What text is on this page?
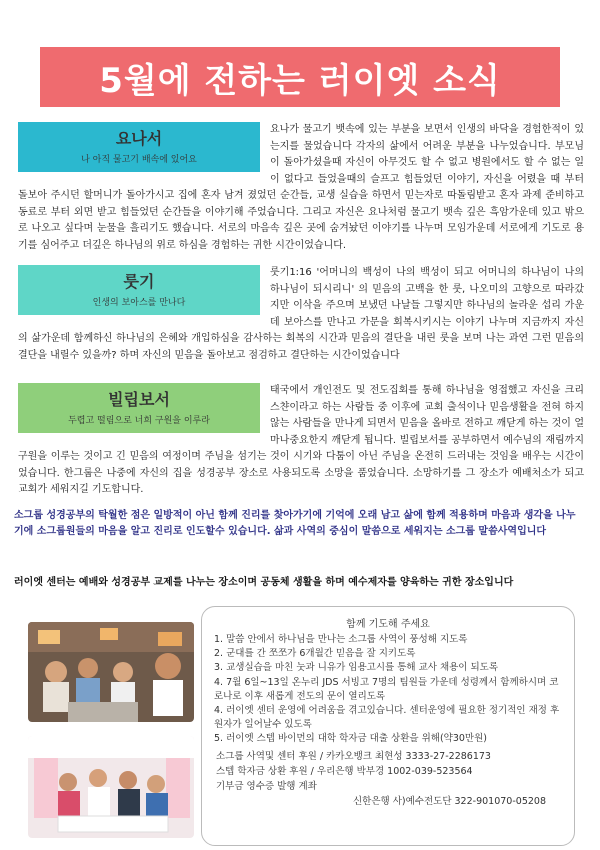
5월에 전하는 러이엣 소식
요나서
나 아직 물고기 배속에 있어요
요나가 물고기 뱃속에 있는 부분을 보면서 인생의 바닥을 경험한적이 있는지를 물었습니다 각자의 삶에서 어려운 부분을 나누었습니다. 부모님이 돌아가셨을때 자신이 아무것도 할 수 없고 병원에서도 할 수 없는 일이 없다고 들었을때의 슬프고 힘들었던 이야기, 자신을 어렸을 때 부터 돌보아 주시던 할머니가 돌아가시고 집에 혼자 남겨 졌었던 순간들, 교생 실습을 하면서 믿는자로 따돌림받고 혼자 과제 준비하고 동료로 부터 외면 받고 힘들었던 순간들을 이야기해 주었습니다. 그리고 자신은 요나처럼 물고기 뱃속 깊은 흑암가운데 있고 밖으로 나오고 싶다며 눈물을 흘리기도 했습니다. 서로의 마음속 깊은 곳에 숨겨놨던 이야기를 나누며 모임가운데 서로에게 기도로 용기를 심어주고 더깊은 하나님의 위로 하심을 경험하는 귀한 시간이었습니다.
룻기
인생의 보아스를 만나다
룻기1:16 '어머니의 백성이 나의 백성이 되고 어머니의 하나님이 나의 하나님이 되시리니' 의 믿음의 고백을 한 룻, 나오미의 고향으로 따라갔지만 이삭을 주으며 보냈던 나날들 그렇지만 하나님의 놀라운 섭리 가운데 보아스를 만나고 가문을 회복시키시는 이야기 나누며 지금까지 자신의 삶가운데 함께하신 하나님의 은혜와 개입하심을 감사하는 회복의 시간과 믿음의 결단을 내린 룻을 보며 나는 과연 그런 믿음의 결단을 내릴수 있을까? 하며 자신의 믿음을 돌아보고 점검하고 결단하는 시간이었습니다
빌립보서
두렵고 떨림으로 너희 구원을 이루라
태국에서 개인전도 및 전도집회를 통해 하나님을 영접했고 자신을 크리스챤이라고 하는 사람들 중 이후에 교회 출석이나 믿음생활을 전혀 하지 않는 사람들을 만나게 되면서 믿음을 올바로 전하고 깨닫게 하는 것이 얼마나중요한지 깨닫게 됩니다. 빌립보서를 공부하면서 예수님의 재림까지 구원을 이루는 것이고 긴 믿음의 여정이며 주님을 섬기는 것이 시기와 다툼이 아닌 주님을 온전히 드러내는 것임을 배우는 시간이었습니다. 한그룹은 나중에 자신의 집을 성경공부 장소로 사용되도록 소망을 품었습니다. 소망하기를 그 장소가 예배처소가 되고 교회가 세워지길 기도합니다.
소그룹 성경공부의 탁월한 점은 일방적이 아닌 함께 진리를 찾아가기에 기억에 오래 남고 삶에 함께 적용하며 마음과 생각을 나누기에 소그룹원들의 마음을 알고 진리로 인도할수 있습니다. 삶과 사역의 중심이 말씀으로 세워지는 소그룹 말씀사역입니다
러이엣 센터는 예배와 성경공부 교제를 나누는 장소이며 공동체 생활을 하며 예수제자를 양육하는 귀한 장소입니다
함께 기도해 주세요
1. 말씀 안에서 하나님을 만나는 소그룹 사역이 풍성해 지도록
2. 군대를 간 쪼쪼가 6개월간 믿음을 잘 지키도록
3. 교생실습을 마친 눗과 니유가 임용고시를 통해 교사 채용이 되도록
4. 7월 6일~13일 온누리 JDS 서빙고 7명의 팀원들 가운데 성령께서 함께하시며 코로나로 이후 새롭게 전도의 문이 열리도록
4. 러이엣 센터 운영에 어려움을 겪고있습니다. 센터운영에 필요한 정기적인 재정 후원자가 일어날수 있도록
5. 러이엣 스텝 바이먼의 대학 학자금 대출 상환을 위해(약30만원)
소그룹 사역및 센터 후원 / 카카오뱅크 최현성 3333-27-2286173
스텝 학자금 상환 후원 / 우리은행 박부경 1002-039-523564
기부금 영수증 발행 계좌
신한은행 사)예수전도단 322-901070-05208
